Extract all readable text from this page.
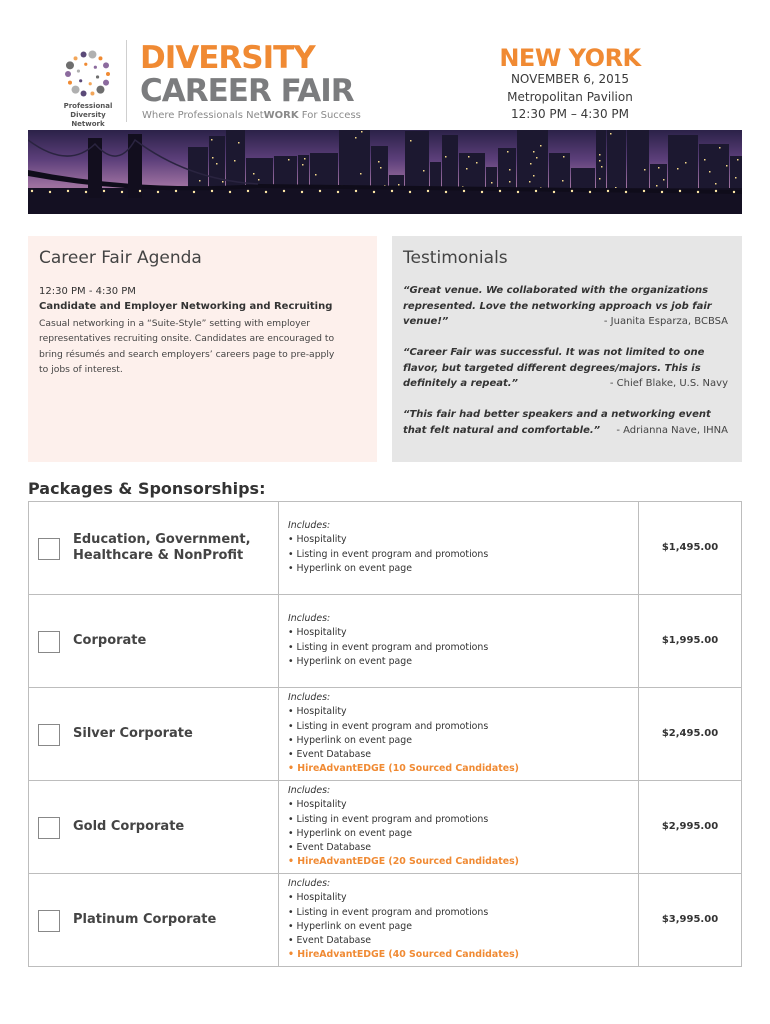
Professional
Diversity Network
DIVERSITY
CAREER FAIR
Where Professionals NetWORK For Success
NEW YORK
NOVEMBER 6, 2015
Metropolitan Pavilion
12:30 PM – 4:30 PM
Career Fair Agenda
12:30 PM - 4:30 PM
Candidate and Employer Networking and Recruiting
Casual networking in a “Suite-Style” setting with employer representatives recruiting onsite. Candidates are encouraged to bring résumés and search employers’ careers page to pre-apply to jobs of interest.
Testimonials
“Great venue. We collaborated with the organizations represented. Love the networking approach vs job fair venue!”	- Juanita Esparza, BCBSA
“Career Fair was successful. It was not limited to one flavor, but targeted different degrees/majors. This is definitely a repeat.”	- Chief Blake, U.S. Navy
“This fair had better speakers and a networking event that felt natural and comfortable.” - Adrianna Nave, IHNA
Packages & Sponsorships:
Education, Government, Healthcare & NonProfit
Includes:
• Hospitality
• Listing in event program and promotions
• Hyperlink on event page
$1,495.00
Corporate
Includes:
• Hospitality
• Listing in event program and promotions
• Hyperlink on event page
$1,995.00
Silver Corporate
Includes:
• Hospitality
• Listing in event program and promotions
• Hyperlink on event page
• Event Database
• HireAdvantEDGE (10 Sourced Candidates)
$2,495.00
Gold Corporate
Includes:
• Hospitality
• Listing in event program and promotions
• Hyperlink on event page
• Event Database
• HireAdvantEDGE (20 Sourced Candidates)
$2,995.00
Platinum Corporate
Includes:
• Hospitality
• Listing in event program and promotions
• Hyperlink on event page
• Event Database
• HireAdvantEDGE (40 Sourced Candidates)
$3,995.00
